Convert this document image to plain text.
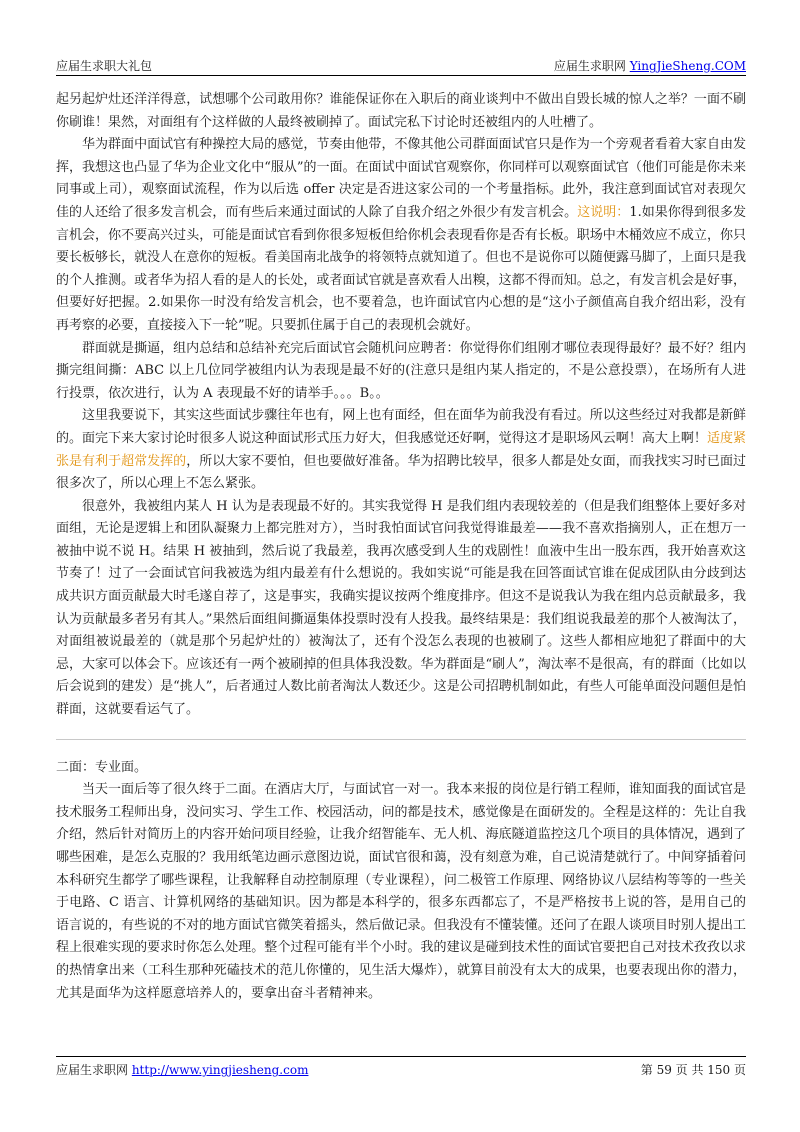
应届生求职大礼包	应届生求职网 YingJieSheng.COM

起另起炉灶还洋洋得意，试想哪个公司敢用你？谁能保证你在入职后的商业谈判中不做出自毁长城的惊人之举？一面不刷你刷谁！果然，对面组有个这样做的人最终被刷掉了。面试完私下讨论时还被组内的人吐槽了。

华为群面中面试官有种操控大局的感觉，节奏由他带，不像其他公司群面面试官只是作为一个旁观者看着大家自由发挥，我想这也凸显了华为企业文化中“服从”的一面。在面试中面试官观察你，你同样可以观察面试官（他们可能是你未来同事或上司），观察面试流程，作为以后选 offer 决定是否进这家公司的一个考量指标。此外，我注意到面试官对表现欠佳的人还给了很多发言机会，而有些后来通过面试的人除了自我介绍之外很少有发言机会。这说明：1.如果你得到很多发言机会，你不要高兴过头，可能是面试官看到你很多短板但给你机会表现看你是否有长板。职场中木桶效应不成立，你只要长板够长，就没人在意你的短板。看美国南北战争的将领特点就知道了。但也不是说你可以随便露马脚了，上面只是我的个人推测。或者华为招人看的是人的长处，或者面试官就是喜欢看人出糗，这都不得而知。总之，有发言机会是好事，但要好好把握。2.如果你一时没有给发言机会，也不要着急，也许面试官内心想的是“这小子颜值高自我介绍出彩，没有再考察的必要，直接接入下一轮”呢。只要抓住属于自己的表现机会就好。

群面就是撕逼，组内总结和总结补充完后面试官会随机问应聘者：你觉得你们组刚才哪位表现得最好？最不好？组内撕完组间撕：ABC 以上几位同学被组内认为表现是最不好的(注意只是组内某人指定的，不是公意投票），在场所有人进行投票，依次进行，认为 A 表现最不好的请举手。。。B。。

这里我要说下，其实这些面试步骤往年也有，网上也有面经，但在面华为前我没有看过。所以这些经过对我都是新鲜的。面完下来大家讨论时很多人说这种面试形式压力好大，但我感觉还好啊，觉得这才是职场风云啊！高大上啊！适度紧张是有利于超常发挥的，所以大家不要怕，但也要做好准备。华为招聘比较早，很多人都是处女面，而我找实习时已面过很多次了，所以心理上不怎么紧张。

很意外，我被组内某人 H 认为是表现最不好的。其实我觉得 H 是我们组内表现较差的（但是我们组整体上要好多对面组，无论是逻辑上和团队凝聚力上都完胜对方），当时我怕面试官问我觉得谁最差——我不喜欢指摘别人，正在想万一被抽中说不说 H。结果 H 被抽到，然后说了我最差，我再次感受到人生的戏剧性！血液中生出一股东西，我开始喜欢这节奏了！过了一会面试官问我被选为组内最差有什么想说的。我如实说“可能是我在回答面试官谁在促成团队由分歧到达成共识方面贡献最大时毛遂自荐了，这是事实，我确实提议按两个维度排序。但这不是说我认为我在组内总贡献最多，我认为贡献最多者另有其人。”果然后面组间撕逼集体投票时没有人投我。最终结果是：我们组说我最差的那个人被淘汰了，对面组被说最差的（就是那个另起炉灶的）被淘汰了，还有个没怎么表现的也被刷了。这些人都相应地犯了群面中的大忌，大家可以体会下。应该还有一两个被刷掉的但具体我没数。华为群面是“刷人”，淘汰率不是很高，有的群面（比如以后会说到的建发）是“挑人”，后者通过人数比前者淘汰人数还少。这是公司招聘机制如此，有些人可能单面没问题但是怕群面，这就要看运气了。

二面：专业面。

当天一面后等了很久终于二面。在酒店大厅，与面试官一对一。我本来报的岗位是行销工程师，谁知面我的面试官是技术服务工程师出身，没问实习、学生工作、校园活动，问的都是技术，感觉像是在面研发的。全程是这样的：先让自我介绍，然后针对简历上的内容开始问项目经验，让我介绍智能车、无人机、海底隧道监控这几个项目的具体情况，遇到了哪些困难，是怎么克服的？我用纸笔边画示意图边说，面试官很和蔼，没有刻意为难，自己说清楚就行了。中间穿插着问本科研究生都学了哪些课程，让我解释自动控制原理（专业课程），问二极管工作原理、网络协议八层结构等等的一些关于电路、C 语言、计算机网络的基础知识。因为都是本科学的，很多东西都忘了，不是严格按书上说的答，是用自己的语言说的，有些说的不对的地方面试官微笑着摇头，然后做记录。但我没有不懂装懂。还问了在跟人谈项目时别人提出工程上很难实现的要求时你怎么处理。整个过程可能有半个小时。我的建议是碰到技术性的面试官要把自己对技术孜孜以求的热情拿出来（工科生那种死磕技术的范儿你懂的，见生活大爆炸），就算目前没有太大的成果，也要表现出你的潜力，尤其是面华为这样愿意培养人的，要拿出奋斗者精神来。

应届生求职网 http://www.yingjiesheng.com	第 59 页 共 150 页
